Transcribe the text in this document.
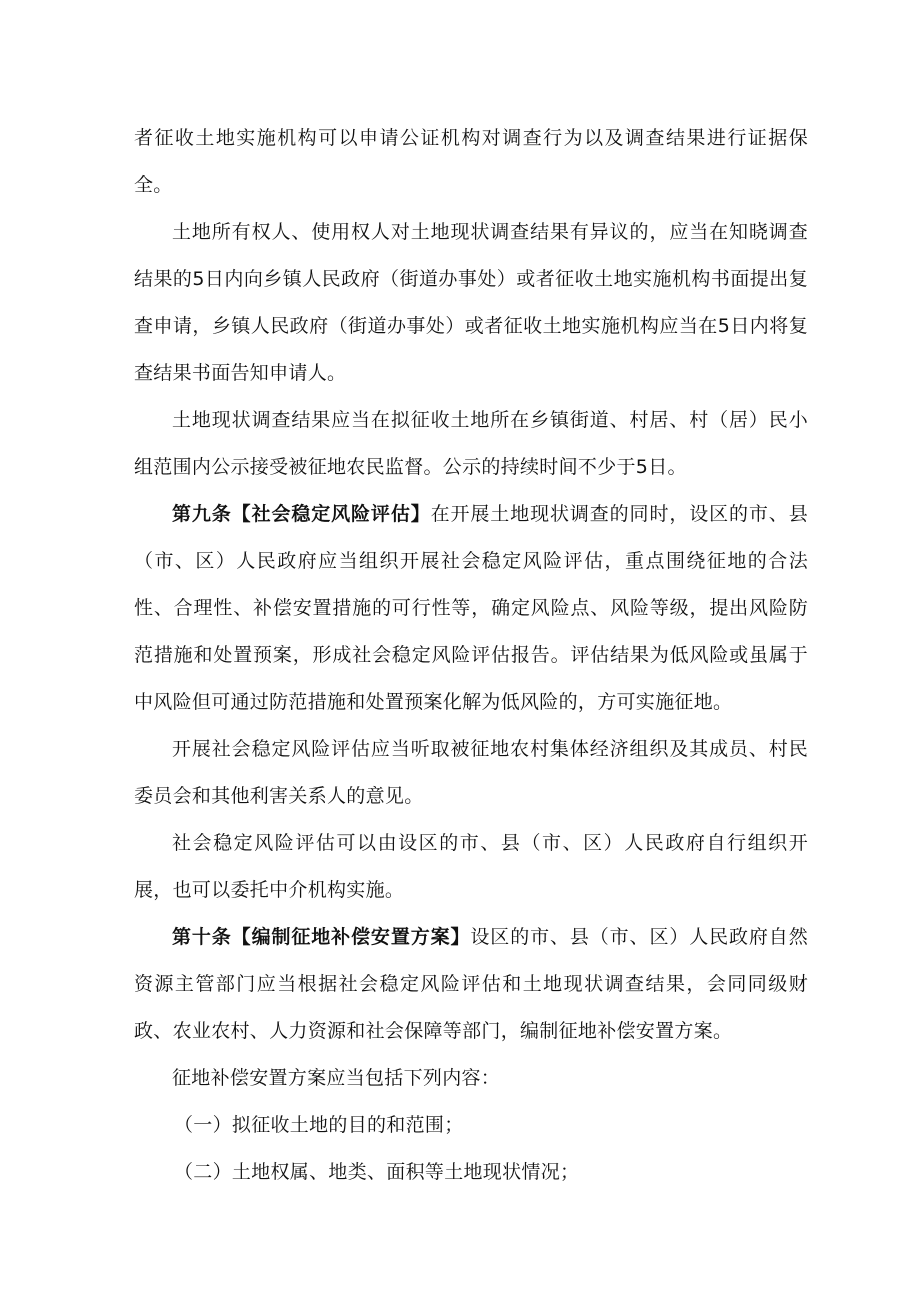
者征收土地实施机构可以申请公证机构对调查行为以及调查结果进行证据保全。

土地所有权人、使用权人对土地现状调查结果有异议的，应当在知晓调查结果的5日内向乡镇人民政府（街道办事处）或者征收土地实施机构书面提出复查申请，乡镇人民政府（街道办事处）或者征收土地实施机构应当在5日内将复查结果书面告知申请人。

土地现状调查结果应当在拟征收土地所在乡镇街道、村居、村（居）民小组范围内公示接受被征地农民监督。公示的持续时间不少于5日。

第九条【社会稳定风险评估】在开展土地现状调查的同时，设区的市、县（市、区）人民政府应当组织开展社会稳定风险评估，重点围绕征地的合法性、合理性、补偿安置措施的可行性等，确定风险点、风险等级，提出风险防范措施和处置预案，形成社会稳定风险评估报告。评估结果为低风险或虽属于中风险但可通过防范措施和处置预案化解为低风险的，方可实施征地。

开展社会稳定风险评估应当听取被征地农村集体经济组织及其成员、村民委员会和其他利害关系人的意见。

社会稳定风险评估可以由设区的市、县（市、区）人民政府自行组织开展，也可以委托中介机构实施。

第十条【编制征地补偿安置方案】设区的市、县（市、区）人民政府自然资源主管部门应当根据社会稳定风险评估和土地现状调查结果，会同同级财政、农业农村、人力资源和社会保障等部门，编制征地补偿安置方案。

征地补偿安置方案应当包括下列内容：

（一）拟征收土地的目的和范围；

（二）土地权属、地类、面积等土地现状情况；
